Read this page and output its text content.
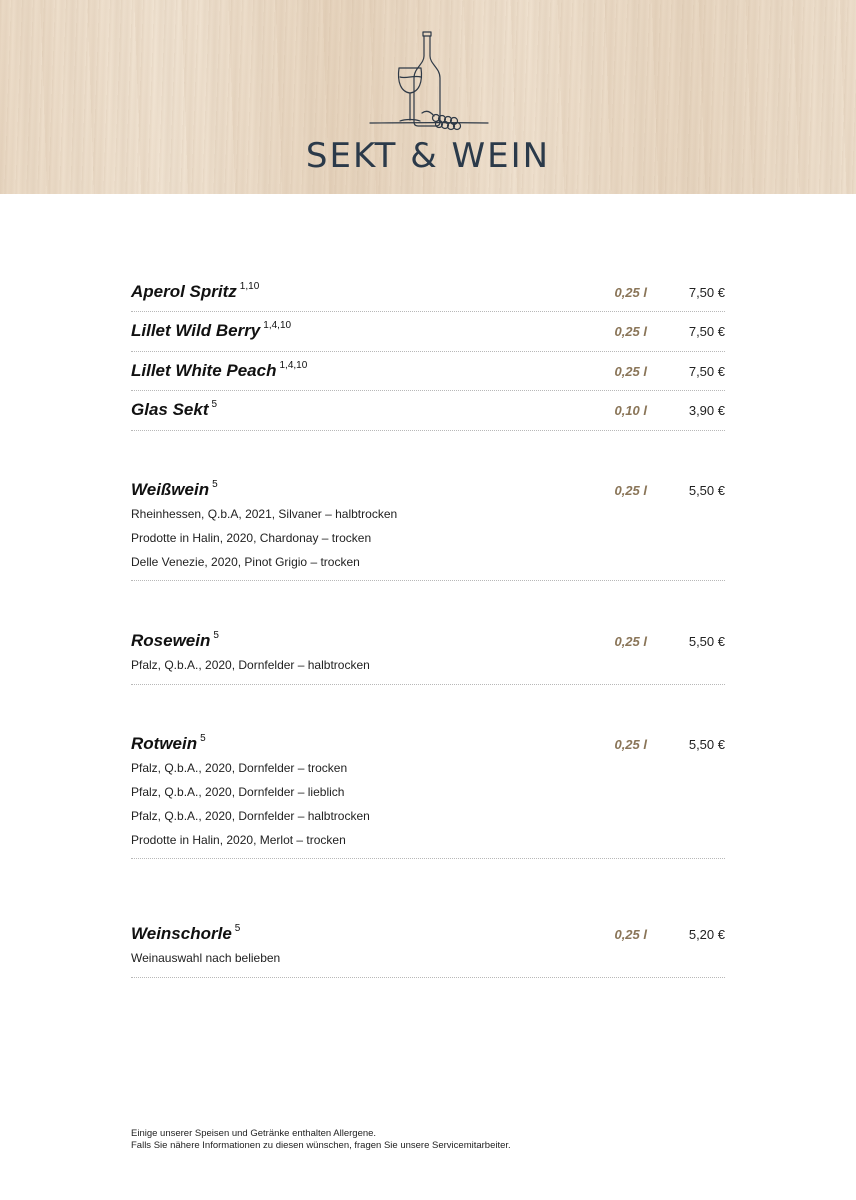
SEKT & WEIN
Aperol Spritz $^{1,10}$	0,25 l	7,50 €
Lillet Wild Berry $^{1,4,10}$	0,25 l	7,50 €
Lillet White Peach $^{1,4,10}$	0,25 l	7,50 €
Glas Sekt $^5$	0,10 l	3,90 €
Weißwein $^5$	0,25 l	5,50 €
Rheinhessen, Q.b.A, 2021, Silvaner – halbtrocken
Prodotte in Halin, 2020, Chardonay – trocken
Delle Venezie, 2020, Pinot Grigio – trocken
Rosewein $^5$	0,25 l	5,50 €
Pfalz, Q.b.A., 2020, Dornfelder – halbtrocken
Rotwein $^5$	0,25 l	5,50 €
Pfalz, Q.b.A., 2020, Dornfelder – trocken
Pfalz, Q.b.A., 2020, Dornfelder – lieblich
Pfalz, Q.b.A., 2020, Dornfelder – halbtrocken
Prodotte in Halin, 2020, Merlot – trocken
Weinschorle $^5$	0,25 l	5,20 €
Weinauswahl nach belieben
Einige unserer Speisen und Getränke enthalten Allergene.
Falls Sie nähere Informationen zu diesen wünschen, fragen Sie unsere Servicemitarbeiter.
